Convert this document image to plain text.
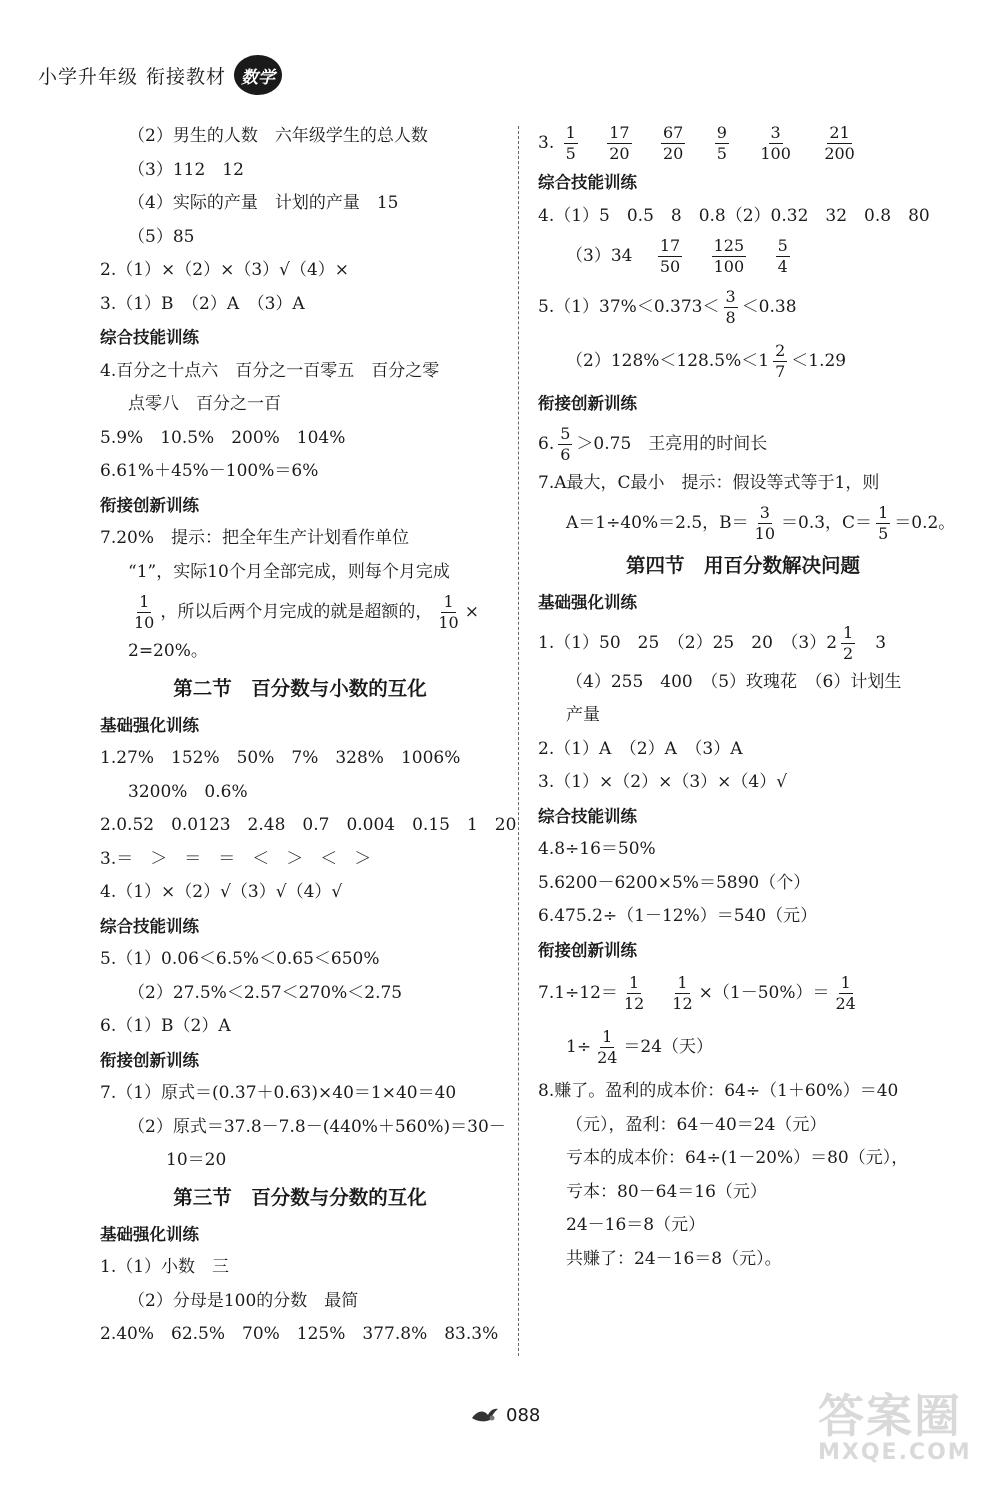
小学升年级 衔接教材 数学
（2）男生的人数　六年级学生的总人数
（3）112　12
（4）实际的产量　计划的产量　15
（5）85
2.（1）×（2）×（3）√（4）×
3.（1）B　（2）A　（3）A
综合技能训练
4.百分之十点六　百分之一百零五　百分之零
点零八　百分之一百
5.9%　10.5%　200%　104%
6.61%＋45%－100%＝6%
衔接创新训练
7.20%　提示：把全年生产计划看作单位
“1”，实际10个月全部完成，则每个月完成
$\frac{1}{10}$ ，所以后两个月完成的就是超额的， $\frac{1}{10}$ ×
2=20%。
第二节　百分数与小数的互化
基础强化训练
1.27%　152%　50%　7%　328%　1006%
3200%　0.6%
2.0.52　0.0123　2.48　0.7　0.004　0.15　1　20
3.＝　＞　＝　＝　＜　＞　＜　＞
4.（1）×（2）√（3）√（4）√
综合技能训练
5.（1）0.06＜6.5%＜0.65＜650%
（2）27.5%＜2.57＜270%＜2.75
6.（1）B（2）A
衔接创新训练
7.（1）原式＝(0.37＋0.63)×40＝1×40＝40
（2）原式＝37.8－7.8－(440%＋560%)＝30－
10＝20
第三节　百分数与分数的互化
基础强化训练
1.（1）小数　三
（2）分母是100的分数　最简
2.40%　62.5%　70%　125%　377.8%　83.3%
3. $\frac{1}{5}$
$\frac{17}{20}$
$\frac{67}{20}$
$\frac{9}{5}$
$\frac{3}{100}$
$\frac{21}{200}$
综合技能训练
4.（1）5　0.5　8　0.8（2）0.32　32　0.8　80
$(3)34 \frac{17}{50}$
$\frac{125}{100}$
$\frac{5}{4}$
$5.(1)37\%<0.373< \frac{3}{8} <0.38$
$(2)128\%<128.5\%<1 \frac{2}{7} <1.29$
衔接创新训练
6. $\frac{5}{6} >0.75$　王亮用的时间长
7.A最大，C最小　提示：假设等式等于1，则
A＝1÷40%＝2.5，$B= \frac{3}{10} =0.3$，$C= \frac{1}{5} =0.2$。
第四节　用百分数解决问题
基础强化训练
1.（1）50　25　（2）25　20　$(3)2 \frac{1}{2} 3$
（4）255　400　（5）玫瑰花　（6）计划生
产量
2.（1）A　（2）A　（3）A
3.（1）×（2）×（3）×（4）√
综合技能训练
4.8÷16＝50%
5.6200－6200×5%＝5890（个）
6.475.2÷（1－12%）＝540（元）
衔接创新训练
$7.1\div 12= \frac{1}{12} \frac{1}{12} \times(1-50\%)= \frac{1}{24}$
$1\div \frac{1}{24} =24$（天）
8.赚了。盈利的成本价：64÷（1＋60%）＝40
（元），盈利：64－40＝24（元）
亏本的成本价：64÷(1－20%）＝80（元），
亏本：80－64＝16（元）
24－16＝8（元）
共赚了：24－16＝8（元）。
088	答案圈
MXQE.COM
